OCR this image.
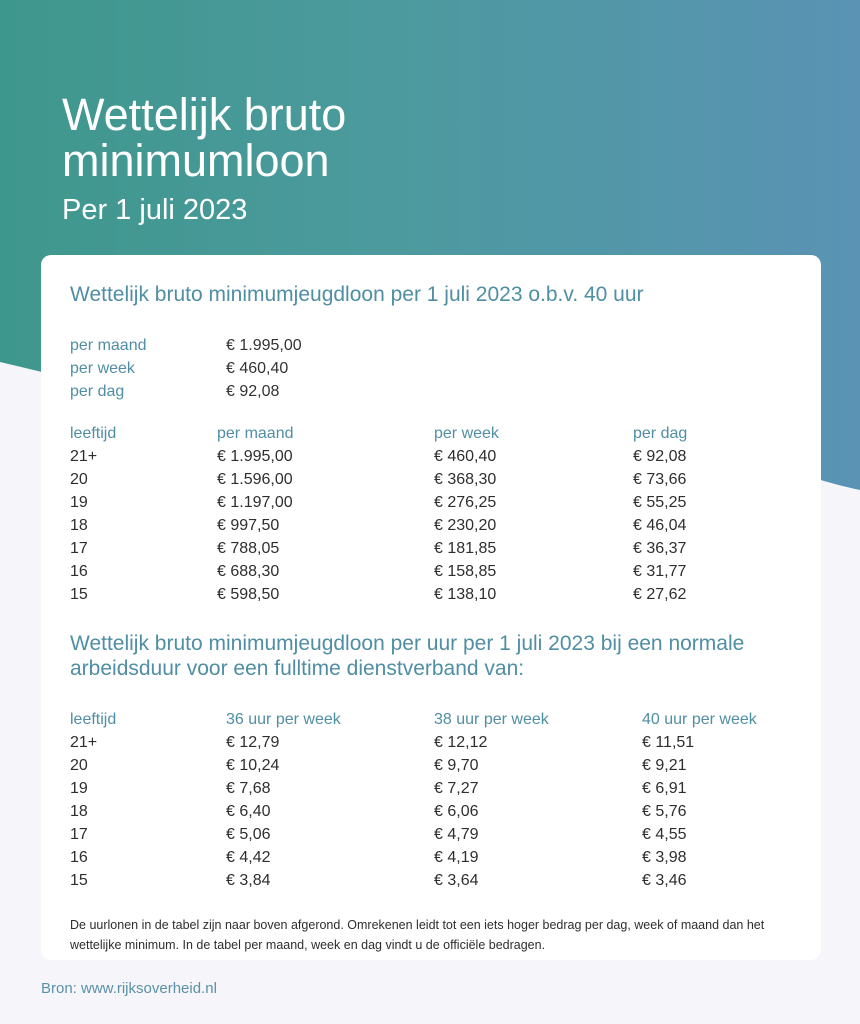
Wettelijk bruto minimumloon
Per 1 juli 2023
Wettelijk bruto minimumjeugdloon per 1 juli 2023 o.b.v. 40 uur
per maand	€ 1.995,00
per week	€ 460,40
per dag	€ 92,08
leeftijd	per maand	per week	per dag
21+	€ 1.995,00	€ 460,40	€ 92,08
20	€ 1.596,00	€ 368,30	€ 73,66
19	€ 1.197,00	€ 276,25	€ 55,25
18	€ 997,50	€ 230,20	€ 46,04
17	€ 788,05	€ 181,85	€ 36,37
16	€ 688,30	€ 158,85	€ 31,77
15	€ 598,50	€ 138,10	€ 27,62
Wettelijk bruto minimumjeugdloon per uur per 1 juli 2023 bij een normale arbeidsduur voor een fulltime dienstverband van:
leeftijd	36 uur per week	38 uur per week	40 uur per week
21+	€ 12,79	€ 12,12	€ 11,51
20	€ 10,24	€ 9,70	€ 9,21
19	€ 7,68	€ 7,27	€ 6,91
18	€ 6,40	€ 6,06	€ 5,76
17	€ 5,06	€ 4,79	€ 4,55
16	€ 4,42	€ 4,19	€ 3,98
15	€ 3,84	€ 3,64	€ 3,46

De uurlonen in de tabel zijn naar boven afgerond. Omrekenen leidt tot een iets hoger bedrag per dag, week of maand dan het wettelijke minimum. In de tabel per maand, week en dag vindt u de officiële bedragen.

Bron: www.rijksoverheid.nl
